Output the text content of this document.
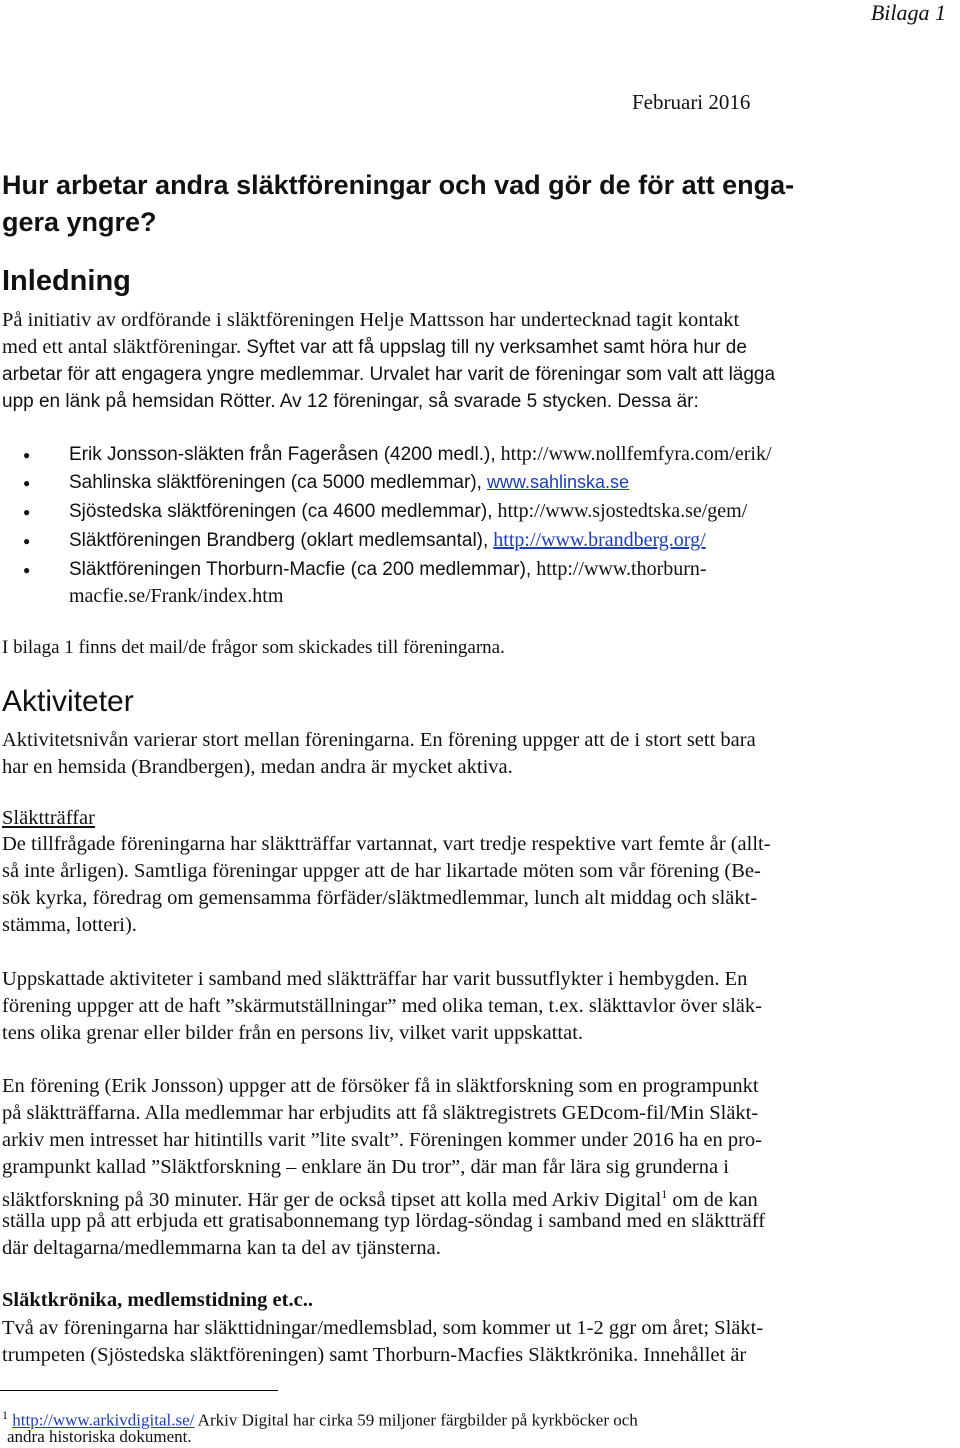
Bilaga 1
Februari 2016
Hur arbetar andra släktföreningar och vad gör de för att enga-
gera yngre?
Inledning
På initiativ av ordförande i släktföreningen Helje Mattsson har undertecknad tagit kontakt
med ett antal släktföreningar. Syftet var att få uppslag till ny verksamhet samt höra hur de
arbetar för att engagera yngre medlemmar. Urvalet har varit de föreningar som valt att lägga
upp en länk på hemsidan Rötter. Av 12 föreningar, så svarade 5 stycken. Dessa är:
● Erik Jonsson-släkten från Fageråsen (4200 medl.), http://www.nollfemfyra.com/erik/
● Sahlinska släktföreningen (ca 5000 medlemmar), www.sahlinska.se
● Sjöstedska släktföreningen (ca 4600 medlemmar), http://www.sjostedtska.se/gem/
● Släktföreningen Brandberg (oklart medlemsantal), http://www.brandberg.org/
● Släktföreningen Thorburn-Macfie (ca 200 medlemmar), http://www.thorburn-
macfie.se/Frank/index.htm
I bilaga 1 finns det mail/de frågor som skickades till föreningarna.
Aktiviteter
Aktivitetsnivån varierar stort mellan föreningarna. En förening uppger att de i stort sett bara
har en hemsida (Brandbergen), medan andra är mycket aktiva.
Släktträffar
De tillfrågade föreningarna har släktträffar vartannat, vart tredje respektive vart femte år (allt-
så inte årligen). Samtliga föreningar uppger att de har likartade möten som vår förening (Be-
sök kyrka, föredrag om gemensamma förfäder/släktmedlemmar, lunch alt middag och släkt-
stämma, lotteri).
Uppskattade aktiviteter i samband med släktträffar har varit bussutflykter i hembygden. En
förening uppger att de haft ”skärmutställningar” med olika teman, t.ex. släkttavlor över släk-
tens olika grenar eller bilder från en persons liv, vilket varit uppskattat.
En förening (Erik Jonsson) uppger att de försöker få in släktforskning som en programpunkt
på släktträffarna. Alla medlemmar har erbjudits att få släktregistrets GEDcom-fil/Min Släkt-
arkiv men intresset har hitintills varit ”lite svalt”. Föreningen kommer under 2016 ha en pro-
grampunkt kallad ”Släktforskning – enklare än Du tror”, där man får lära sig grunderna i
släktforskning på 30 minuter. Här ger de också tipset att kolla med Arkiv Digital$^1$ om de kan
ställa upp på att erbjuda ett gratisabonnemang typ lördag-söndag i samband med en släktträff
där deltagarna/medlemmarna kan ta del av tjänsterna.
Släktkrönika, medlemstidning et.c..
Två av föreningarna har släkttidningar/medlemsblad, som kommer ut 1-2 ggr om året; Släkt-
trumpeten (Sjöstedska släktföreningen) samt Thorburn-Macfies Släktkrönika. Innehållet är
$^1$ http://www.arkivdigital.se/ Arkiv Digital har cirka 59 miljoner färgbilder på kyrkböcker och
andra historiska dokument.
